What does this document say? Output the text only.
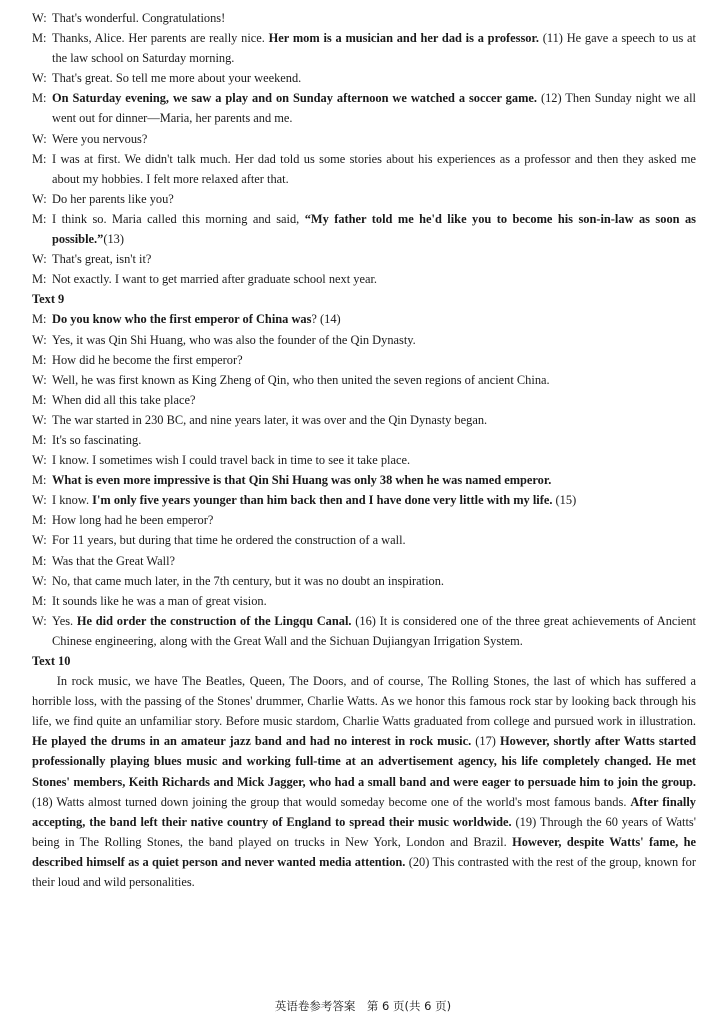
W: That's wonderful. Congratulations!
M: Thanks, Alice. Her parents are really nice. Her mom is a musician and her dad is a professor. (11) He gave a speech to us at the law school on Saturday morning.
W: That's great. So tell me more about your weekend.
M: On Saturday evening, we saw a play and on Sunday afternoon we watched a soccer game. (12) Then Sunday night we all went out for dinner—Maria, her parents and me.
W: Were you nervous?
M: I was at first. We didn't talk much. Her dad told us some stories about his experiences as a professor and then they asked me about my hobbies. I felt more relaxed after that.
W: Do her parents like you?
M: I think so. Maria called this morning and said, “My father told me he'd like you to become his son-in-law as soon as possible.”(13)
W: That's great, isn't it?
M: Not exactly. I want to get married after graduate school next year.
Text 9
M: Do you know who the first emperor of China was? (14)
W: Yes, it was Qin Shi Huang, who was also the founder of the Qin Dynasty.
M: How did he become the first emperor?
W: Well, he was first known as King Zheng of Qin, who then united the seven regions of ancient China.
M: When did all this take place?
W: The war started in 230 BC, and nine years later, it was over and the Qin Dynasty began.
M: It's so fascinating.
W: I know. I sometimes wish I could travel back in time to see it take place.
M: What is even more impressive is that Qin Shi Huang was only 38 when he was named emperor.
W: I know. I'm only five years younger than him back then and I have done very little with my life. (15)
M: How long had he been emperor?
W: For 11 years, but during that time he ordered the construction of a wall.
M: Was that the Great Wall?
W: No, that came much later, in the 7th century, but it was no doubt an inspiration.
M: It sounds like he was a man of great vision.
W: Yes. He did order the construction of the Lingqu Canal. (16) It is considered one of the three great achievements of Ancient Chinese engineering, along with the Great Wall and the Sichuan Dujiangyan Irrigation System.
Text 10
In rock music, we have The Beatles, Queen, The Doors, and of course, The Rolling Stones, the last of which has suffered a horrible loss, with the passing of the Stones' drummer, Charlie Watts. As we honor this famous rock star by looking back through his life, we find quite an unfamiliar story. Before music stardom, Charlie Watts graduated from college and pursued work in illustration. He played the drums in an amateur jazz band and had no interest in rock music. (17) However, shortly after Watts started professionally playing blues music and working full-time at an advertisement agency, his life completely changed. He met Stones' members, Keith Richards and Mick Jagger, who had a small band and were eager to persuade him to join the group. (18) Watts almost turned down joining the group that would someday become one of the world's most famous bands. After finally accepting, the band left their native country of England to spread their music worldwide. (19) Through the 60 years of Watts' being in The Rolling Stones, the band played on trucks in New York, London and Brazil. However, despite Watts' fame, he described himself as a quiet person and never wanted media attention. (20) This contrasted with the rest of the group, known for their loud and wild personalities.
英语卷参考答案　第 6 页(共 6 页)
